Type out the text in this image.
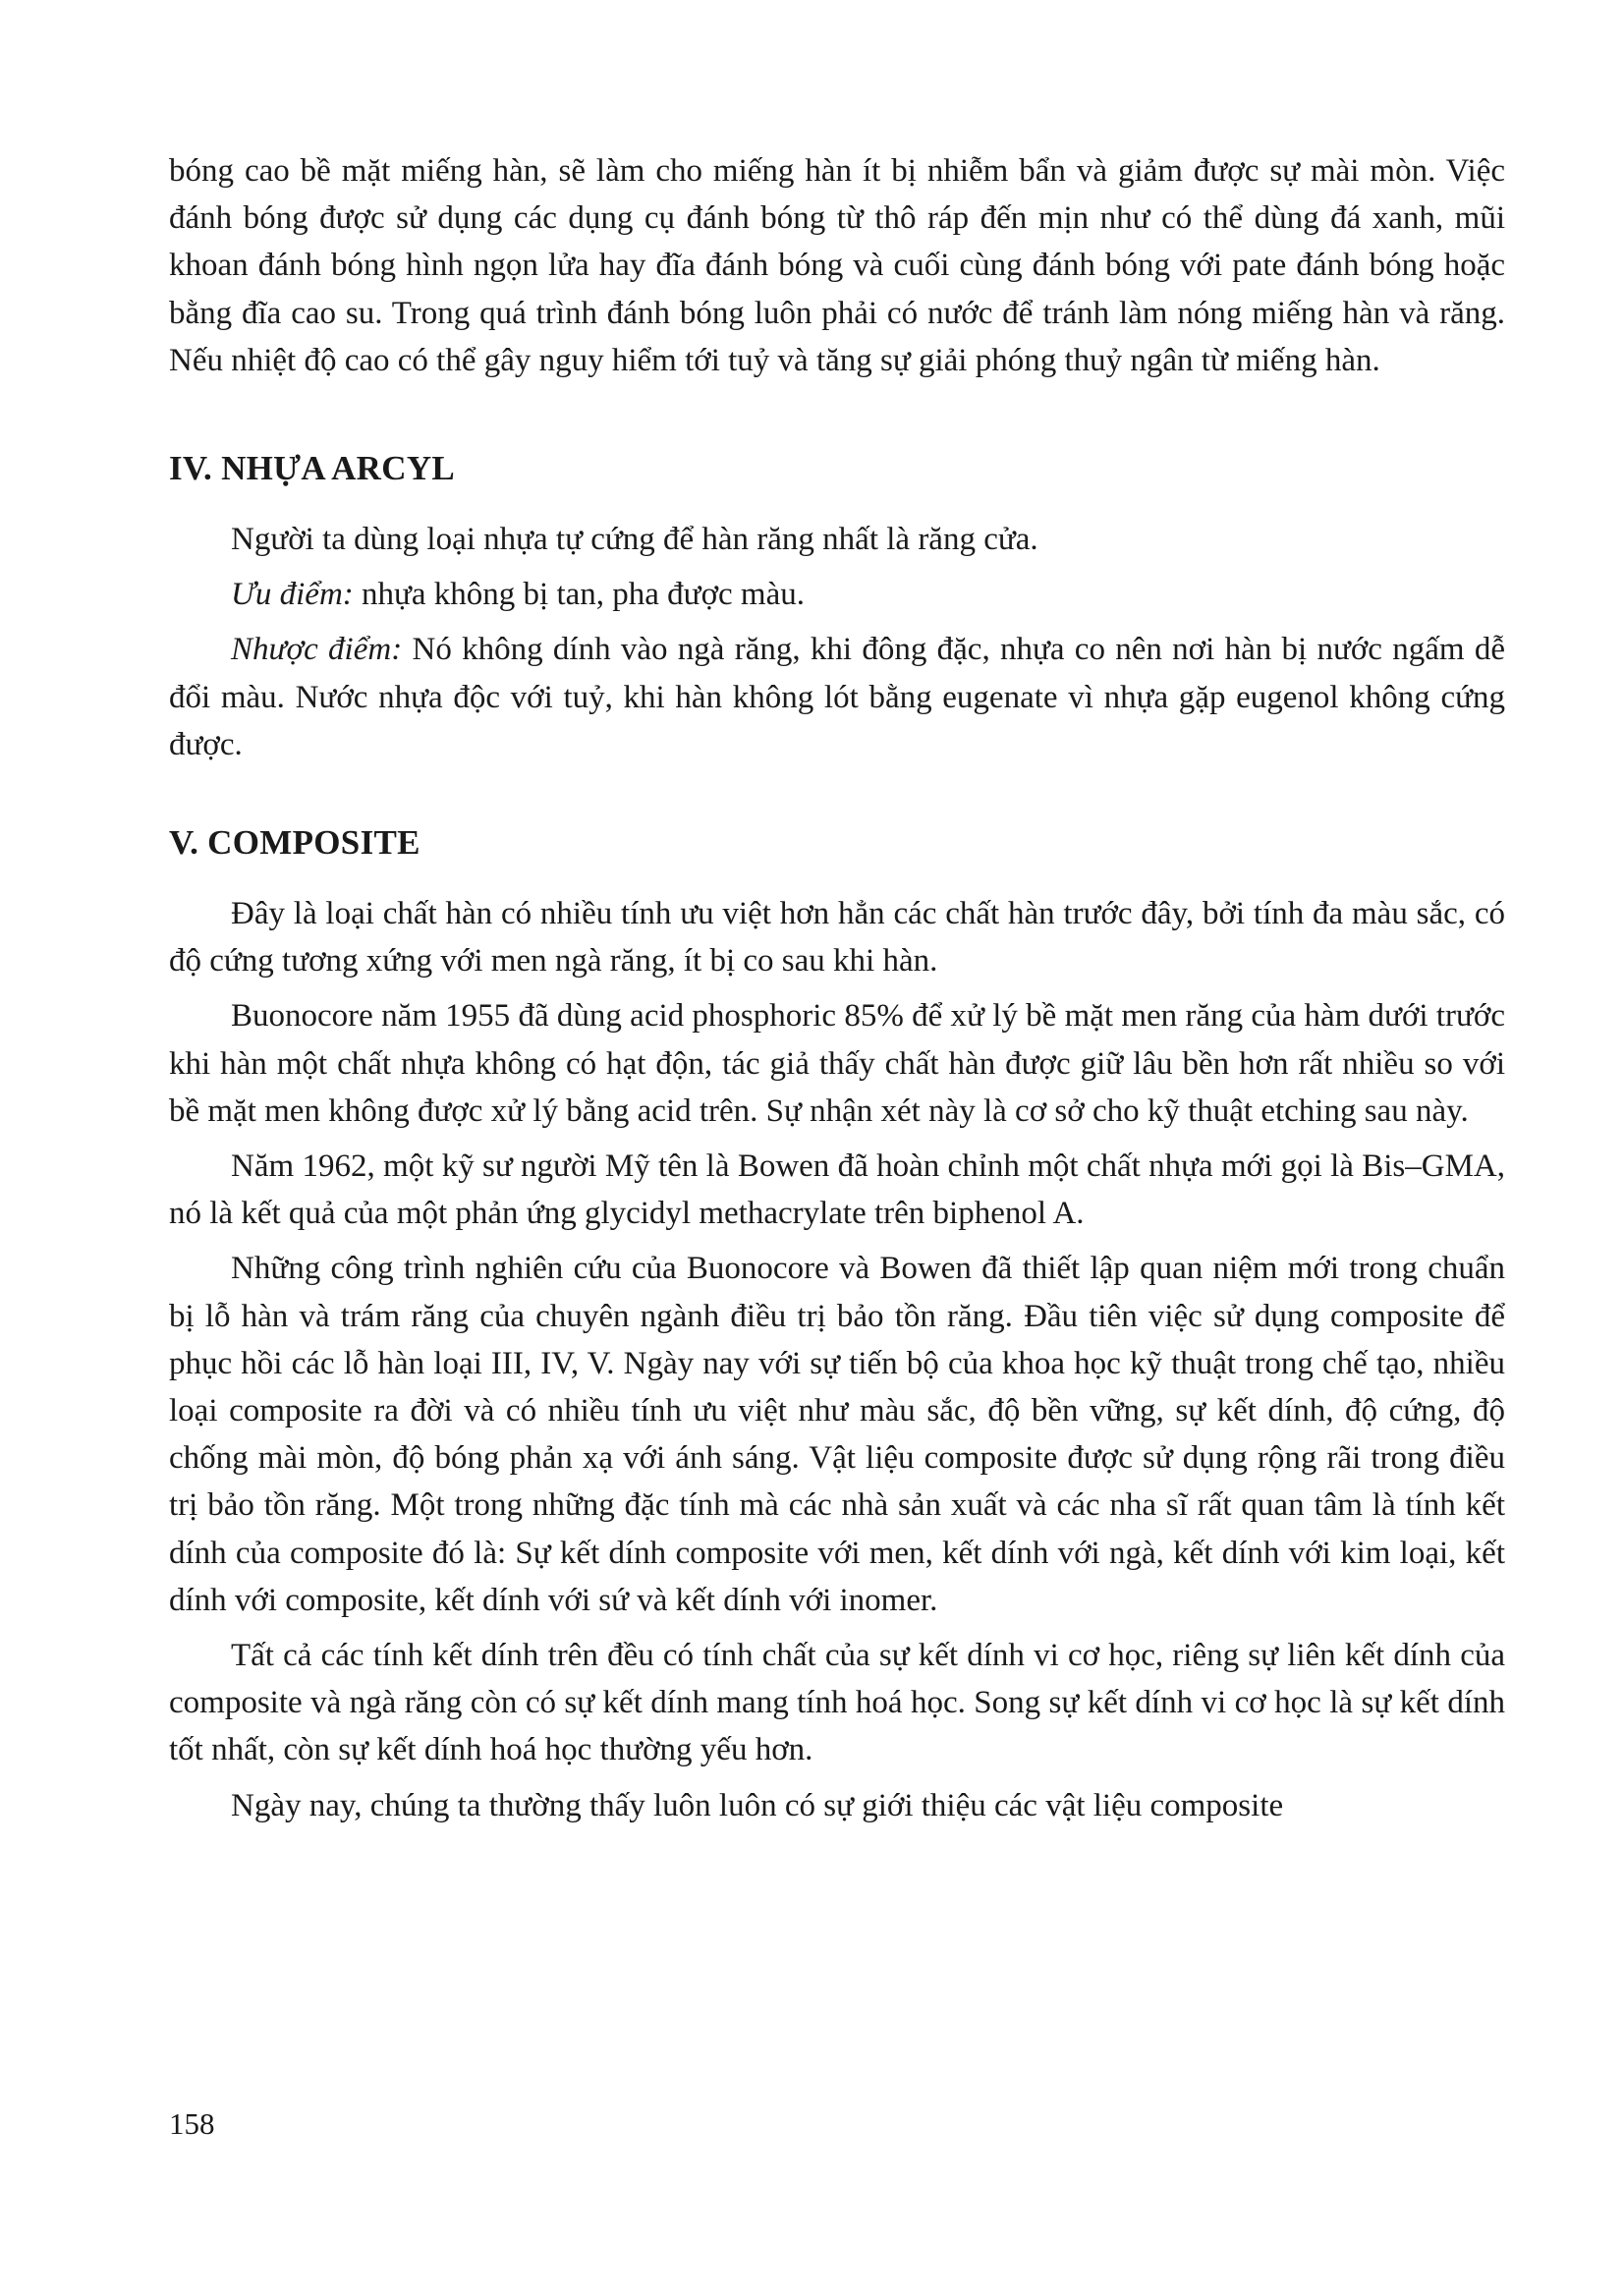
bóng cao bề mặt miếng hàn, sẽ làm cho miếng hàn ít bị nhiễm bẩn và giảm được sự mài mòn. Việc đánh bóng được sử dụng các dụng cụ đánh bóng từ thô ráp đến mịn như có thể dùng đá xanh, mũi khoan đánh bóng hình ngọn lửa hay đĩa đánh bóng và cuối cùng đánh bóng với pate đánh bóng hoặc bằng đĩa cao su. Trong quá trình đánh bóng luôn phải có nước để tránh làm nóng miếng hàn và răng. Nếu nhiệt độ cao có thể gây nguy hiểm tới tuỷ và tăng sự giải phóng thuỷ ngân từ miếng hàn.

IV. NHỰA ARCYL

Người ta dùng loại nhựa tự cứng để hàn răng nhất là răng cửa.

Ưu điểm: nhựa không bị tan, pha được màu.

Nhược điểm: Nó không dính vào ngà răng, khi đông đặc, nhựa co nên nơi hàn bị nước ngấm dễ đổi màu. Nước nhựa độc với tuỷ, khi hàn không lót bằng eugenate vì nhựa gặp eugenol không cứng được.

V. COMPOSITE

Đây là loại chất hàn có nhiều tính ưu việt hơn hẳn các chất hàn trước đây, bởi tính đa màu sắc, có độ cứng tương xứng với men ngà răng, ít bị co sau khi hàn.

Buonocore năm 1955 đã dùng acid phosphoric 85% để xử lý bề mặt men răng của hàm dưới trước khi hàn một chất nhựa không có hạt độn, tác giả thấy chất hàn được giữ lâu bền hơn rất nhiều so với bề mặt men không được xử lý bằng acid trên. Sự nhận xét này là cơ sở cho kỹ thuật etching sau này.

Năm 1962, một kỹ sư người Mỹ tên là Bowen đã hoàn chỉnh một chất nhựa mới gọi là Bis–GMA, nó là kết quả của một phản ứng glycidyl methacrylate trên biphenol A.

Những công trình nghiên cứu của Buonocore và Bowen đã thiết lập quan niệm mới trong chuẩn bị lỗ hàn và trám răng của chuyên ngành điều trị bảo tồn răng. Đầu tiên việc sử dụng composite để phục hồi các lỗ hàn loại III, IV, V. Ngày nay với sự tiến bộ của khoa học kỹ thuật trong chế tạo, nhiều loại composite ra đời và có nhiều tính ưu việt như màu sắc, độ bền vững, sự kết dính, độ cứng, độ chống mài mòn, độ bóng phản xạ với ánh sáng. Vật liệu composite được sử dụng rộng rãi trong điều trị bảo tồn răng. Một trong những đặc tính mà các nhà sản xuất và các nha sĩ rất quan tâm là tính kết dính của composite đó là: Sự kết dính composite với men, kết dính với ngà, kết dính với kim loại, kết dính với composite, kết dính với sứ và kết dính với inomer.

Tất cả các tính kết dính trên đều có tính chất của sự kết dính vi cơ học, riêng sự liên kết dính của composite và ngà răng còn có sự kết dính mang tính hoá học. Song sự kết dính vi cơ học là sự kết dính tốt nhất, còn sự kết dính hoá học thường yếu hơn.

Ngày nay, chúng ta thường thấy luôn luôn có sự giới thiệu các vật liệu composite

158
